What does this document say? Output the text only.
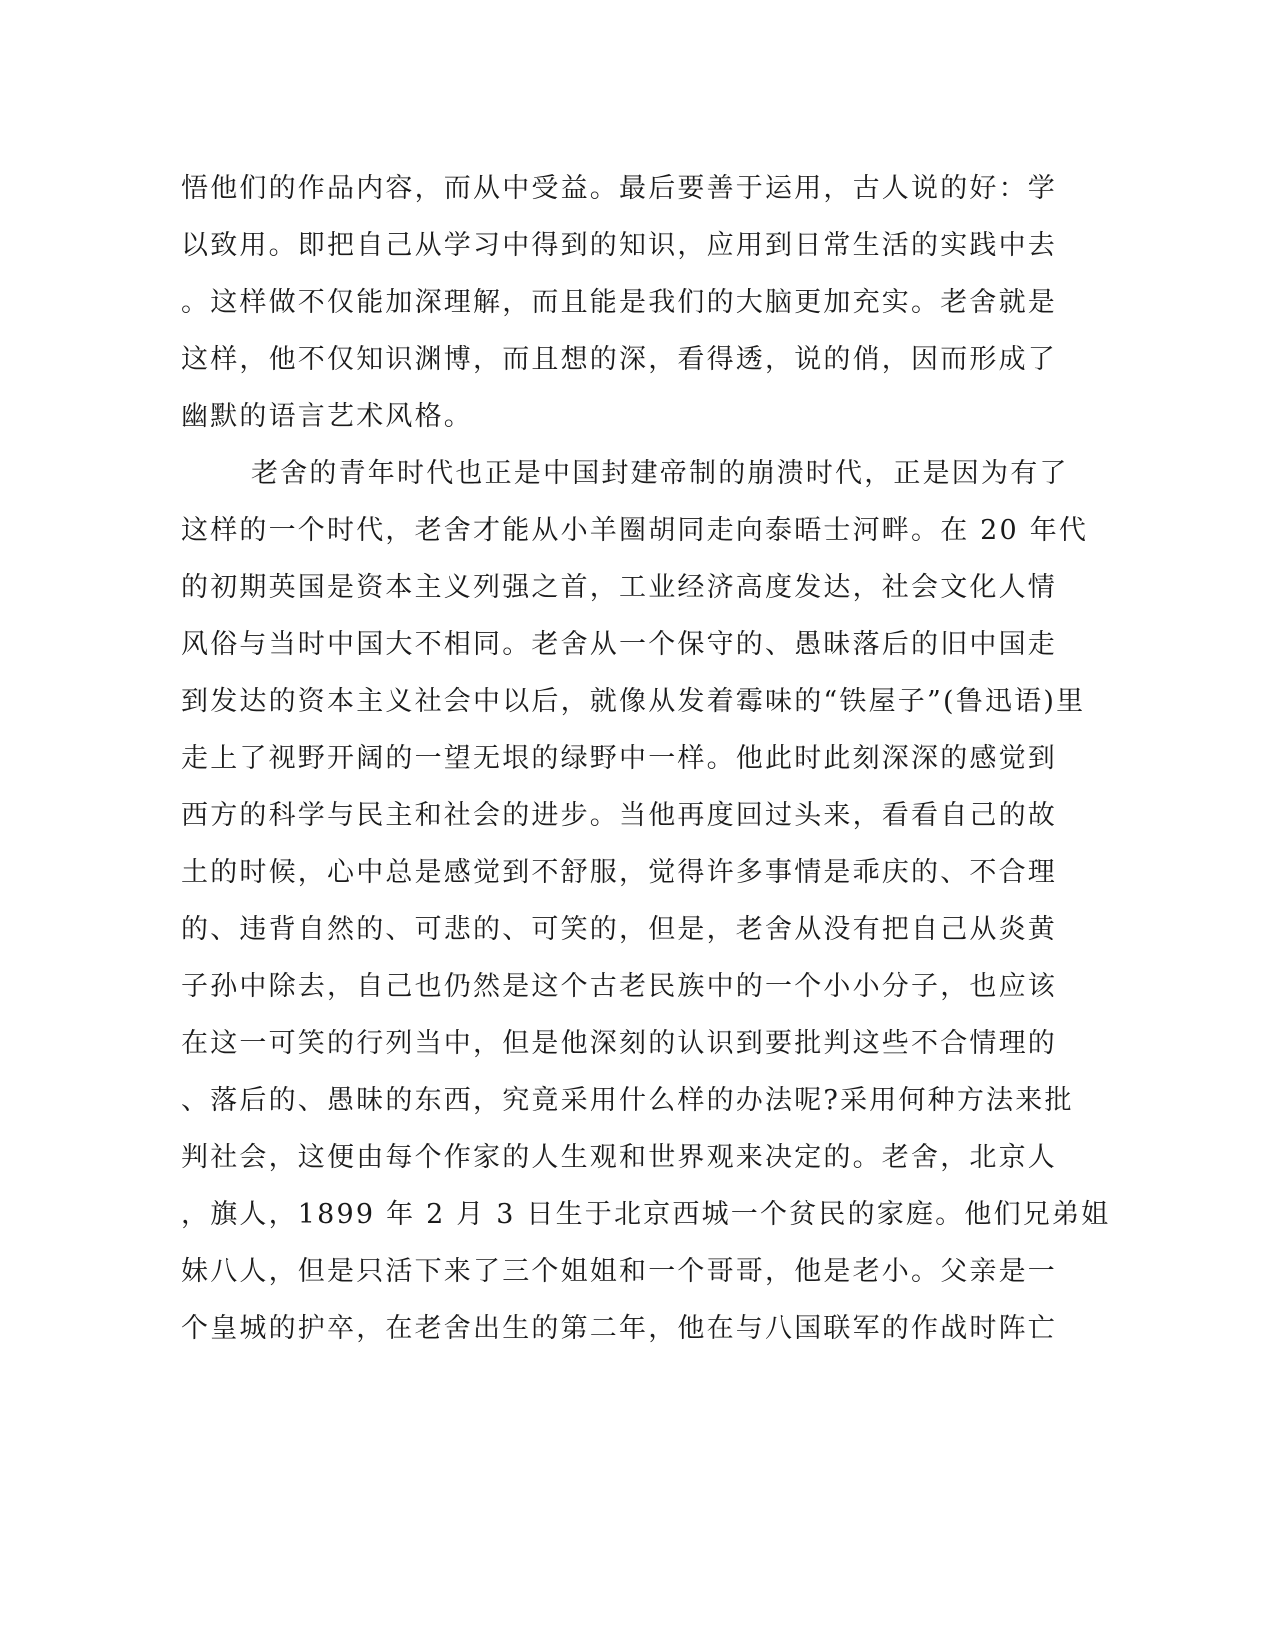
悟他们的作品内容，而从中受益。最后要善于运用，古人说的好：学
以致用。即把自己从学习中得到的知识，应用到日常生活的实践中去
。这样做不仅能加深理解，而且能是我们的大脑更加充实。老舍就是
这样，他不仅知识渊博，而且想的深，看得透，说的俏，因而形成了
幽默的语言艺术风格。
老舍的青年时代也正是中国封建帝制的崩溃时代，正是因为有了
这样的一个时代，老舍才能从小羊圈胡同走向泰晤士河畔。在 20 年代
的初期英国是资本主义列强之首，工业经济高度发达，社会文化人情
风俗与当时中国大不相同。老舍从一个保守的、愚昧落后的旧中国走
到发达的资本主义社会中以后，就像从发着霉味的“铁屋子”(鲁迅语)里
走上了视野开阔的一望无垠的绿野中一样。他此时此刻深深的感觉到
西方的科学与民主和社会的进步。当他再度回过头来，看看自己的故
土的时候，心中总是感觉到不舒服，觉得许多事情是乖庆的、不合理
的、违背自然的、可悲的、可笑的，但是，老舍从没有把自己从炎黄
子孙中除去，自己也仍然是这个古老民族中的一个小小分子，也应该
在这一可笑的行列当中，但是他深刻的认识到要批判这些不合情理的
、落后的、愚昧的东西，究竟采用什么样的办法呢?采用何种方法来批
判社会，这便由每个作家的人生观和世界观来决定的。老舍，北京人
，旗人，1899 年 2 月 3 日生于北京西城一个贫民的家庭。他们兄弟姐
妹八人，但是只活下来了三个姐姐和一个哥哥，他是老小。父亲是一
个皇城的护卒，在老舍出生的第二年，他在与八国联军的作战时阵亡
